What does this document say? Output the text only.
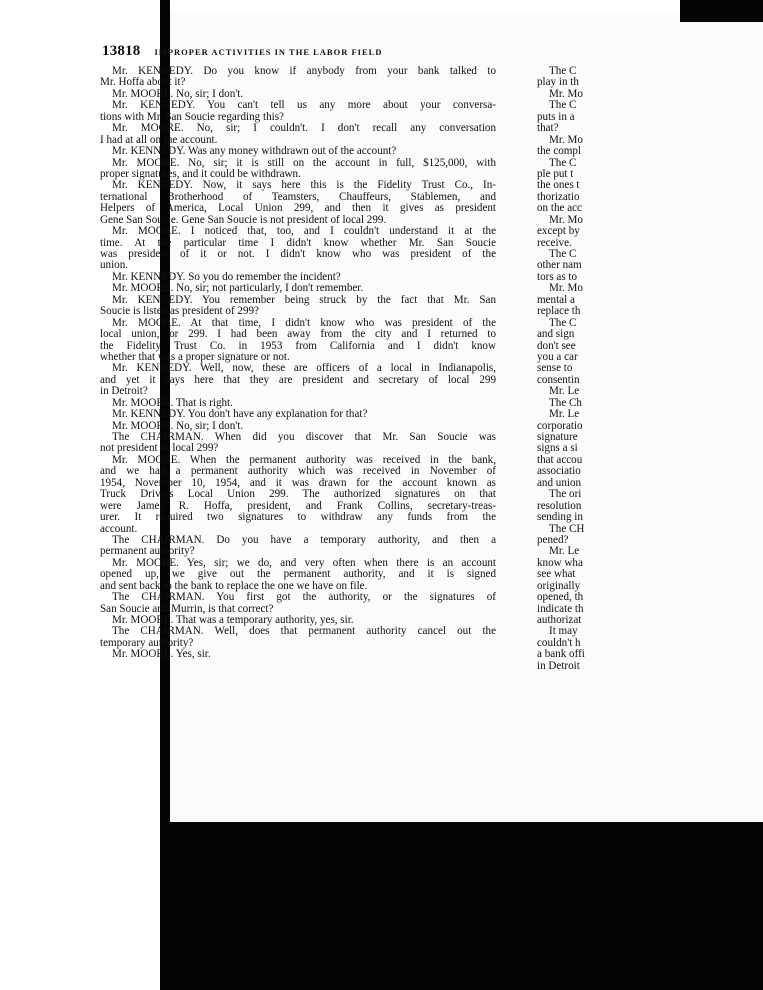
13818 IMPROPER ACTIVITIES IN THE LABOR FIELD
Mr. KENNEDY. Do you know if anybody from your bank talked to
Mr. Hoffa about it?
Mr. MOORE. No, sir; I don't.
Mr. KENNEDY. You can't tell us any more about your conversa-
tions with Mr. San Soucie regarding this?
Mr. MOORE. No, sir; I couldn't. I don't recall any conversation
I had at all on the account.
Mr. KENNEDY. Was any money withdrawn out of the account?
Mr. MOORE. No, sir; it is still on the account in full, $125,000, with
proper signatures, and it could be withdrawn.
Mr. KENNEDY. Now, it says here this is the Fidelity Trust Co., In-
ternational Brotherhood of Teamsters, Chauffeurs, Stablemen, and
Helpers of America, Local Union 299, and then it gives as president
Gene San Soucie. Gene San Soucie is not president of local 299.
Mr. MOORE. I noticed that, too, and I couldn't understand it at the
time. At the particular time I didn't know whether Mr. San Soucie
was president of it or not. I didn't know who was president of the
union.
Mr. KENNEDY. So you do remember the incident?
Mr. MOORE. No, sir; not particularly, I don't remember.
Mr. KENNEDY. You remember being struck by the fact that Mr. San
Soucie is listed as president of 299?
Mr. MOORE. At that time, I didn't know who was president of the
local union, or 299. I had been away from the city and I returned to
the Fidelity Trust Co. in 1953 from California and I didn't know
whether that was a proper signature or not.
Mr. KENNEDY. Well, now, these are officers of a local in Indianapolis,
and yet it says here that they are president and secretary of local 299
in Detroit?
Mr. MOORE. That is right.
Mr. KENNEDY. You don't have any explanation for that?
Mr. MOORE. No, sir; I don't.
The CHAIRMAN. When did you discover that Mr. San Soucie was
not president of local 299?
Mr. MOORE. When the permanent authority was received in the bank,
and we had a permanent authority which was received in November of
1954, November 10, 1954, and it was drawn for the account known as
Truck Drivers Local Union 299. The authorized signatures on that
were James R. Hoffa, president, and Frank Collins, secretary-treas-
urer. It required two signatures to withdraw any funds from the
account.
The CHAIRMAN. Do you have a temporary authority, and then a
permanent authority?
Mr. MOORE. Yes, sir; we do, and very often when there is an account
opened up, we give out the permanent authority, and it is signed
and sent back to the bank to replace the one we have on file.
The CHAIRMAN. You first got the authority, or the signatures of
San Soucie and Murrin, is that correct?
Mr. MOORE. That was a temporary authority, yes, sir.
The CHAIRMAN. Well, does that permanent authority cancel out the
temporary authority?
Mr. MOORE. Yes, sir.
The C
play in th
Mr. Mo
The C
puts in a
that?
Mr. Mo
the compl
The C
ple put t
the ones t
thorizatio
on the acc
Mr. Mo
except by
receive.
The C
other nam
tors as to
Mr. Mo
mental a
replace th
The C
and sign
don't see
you a car
sense to
consentin
Mr. Le
The Ch
Mr. Le
corporatio
signature
signs a si
that accou
associatio
and union
The ori
resolution
sending in
The CH
pened?
Mr. Le
know wha
see what
originally
opened, th
indicate th
authorizat
It may
couldn't h
a bank offi
in Detroit
